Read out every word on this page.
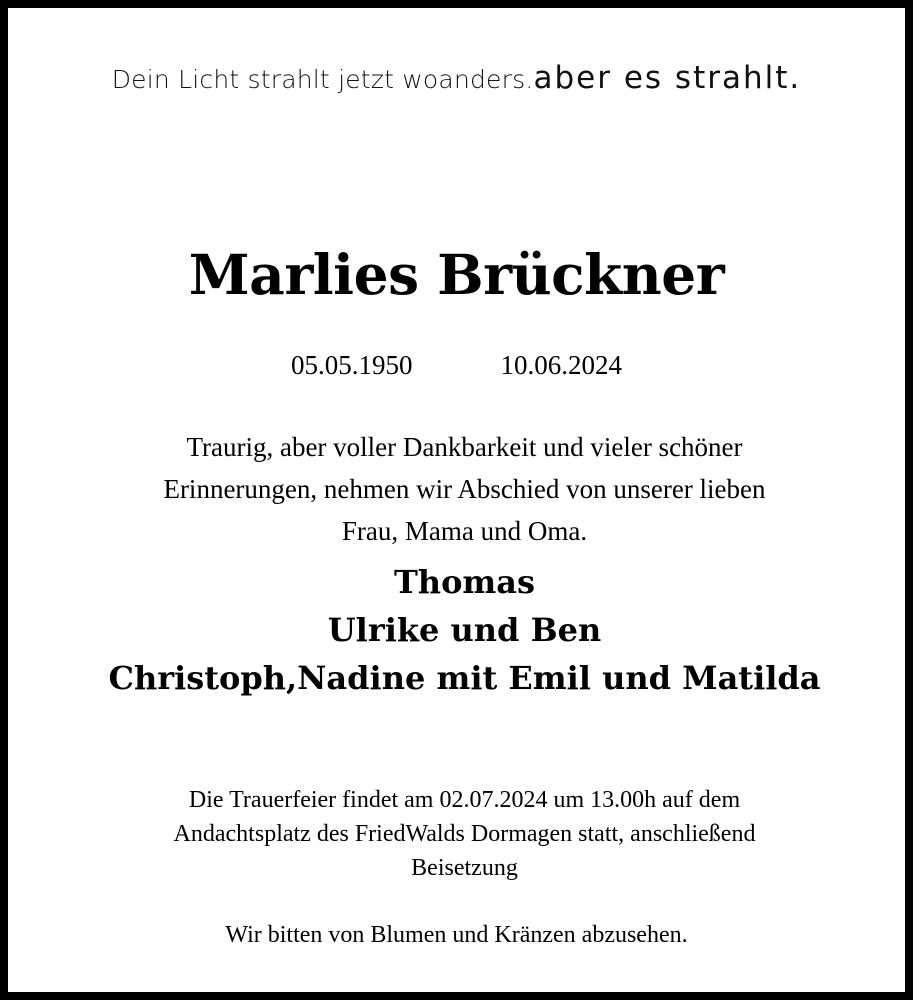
Dein Licht strahlt jetzt woanders.aber es strahlt.
Marlies Brückner
05.05.1950	10.06.2024
Traurig, aber voller Dankbarkeit und vieler schöner
Erinnerungen, nehmen wir Abschied von unserer lieben
Frau, Mama und Oma.
Thomas
Ulrike und Ben
Christoph,Nadine mit Emil und Matilda
Die Trauerfeier findet am 02.07.2024 um 13.00h auf dem
Andachtsplatz des FriedWalds Dormagen statt, anschließend
Beisetzung
Wir bitten von Blumen und Kränzen abzusehen.
